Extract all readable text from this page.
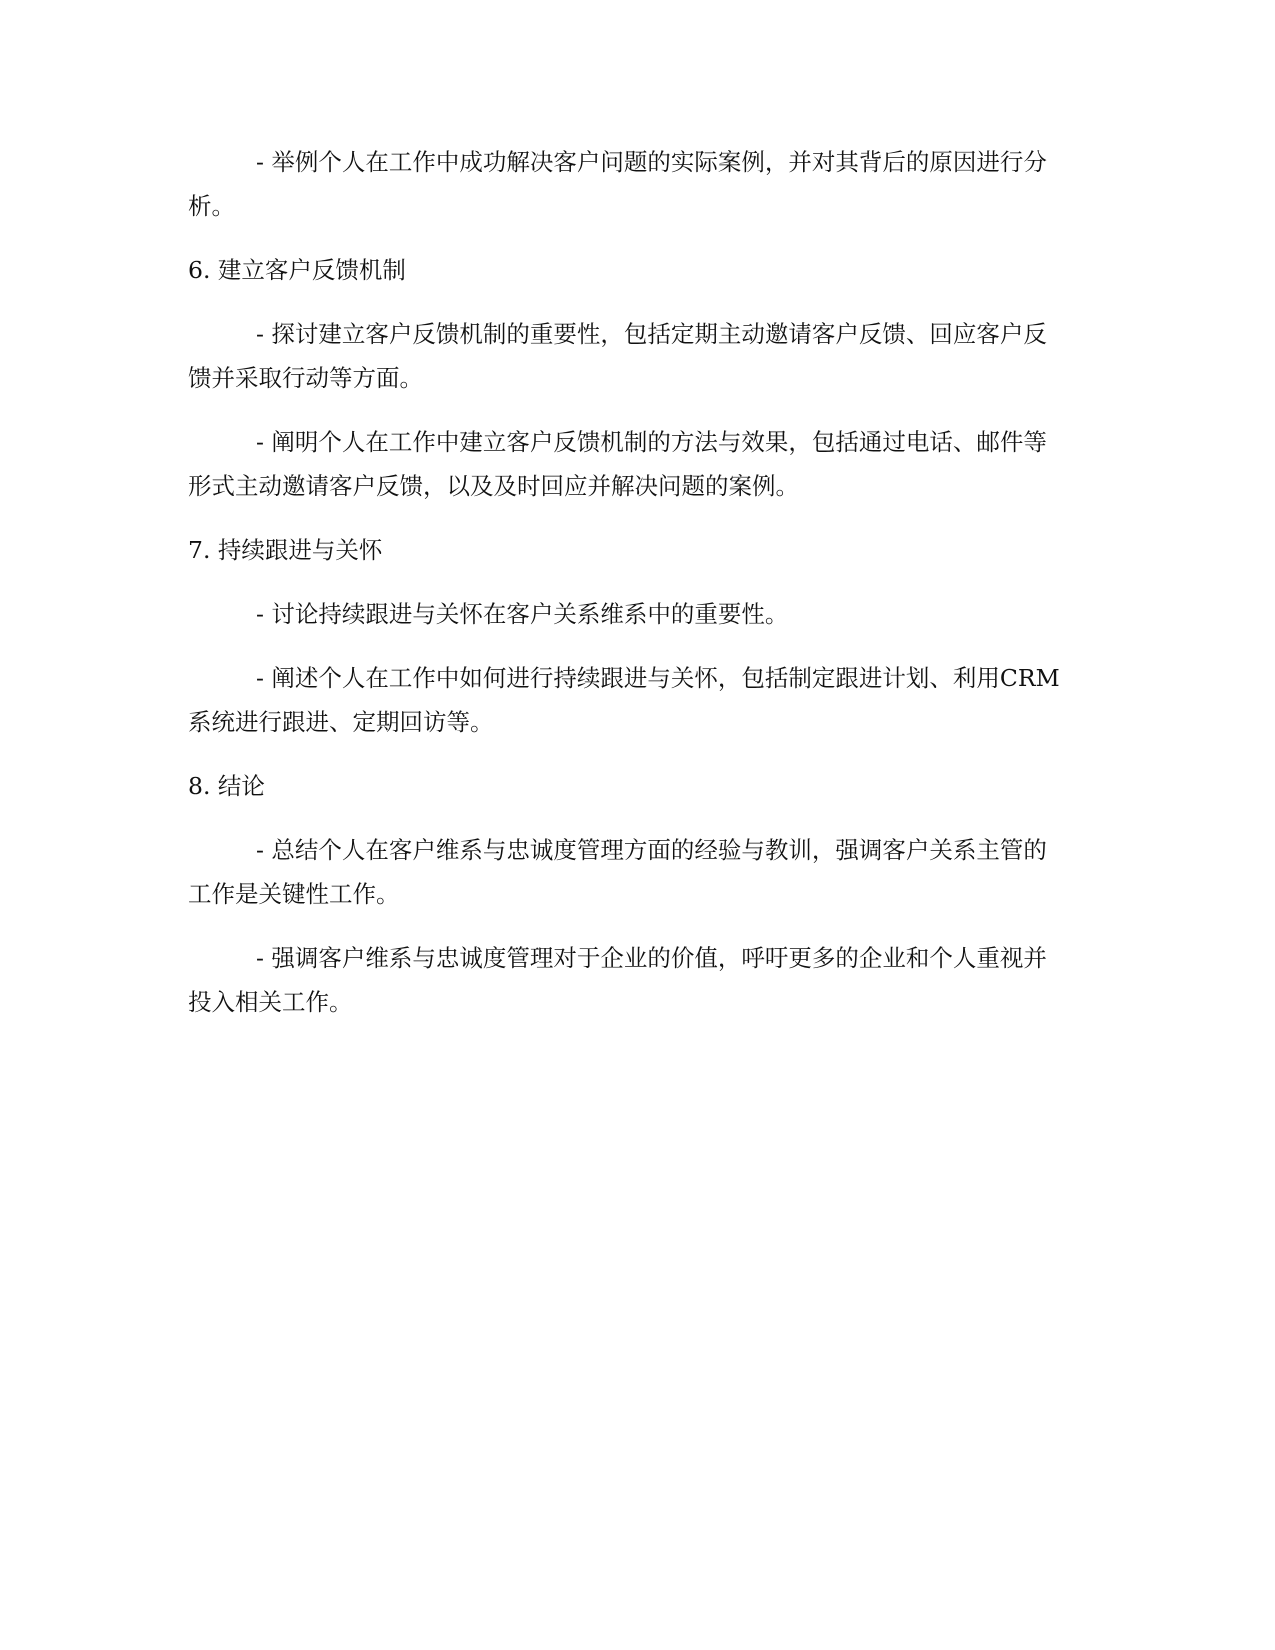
- 举例个人在工作中成功解决客户问题的实际案例，并对其背后的原因进行分析。

6. 建立客户反馈机制

- 探讨建立客户反馈机制的重要性，包括定期主动邀请客户反馈、回应客户反馈并采取行动等方面。

- 阐明个人在工作中建立客户反馈机制的方法与效果，包括通过电话、邮件等形式主动邀请客户反馈，以及及时回应并解决问题的案例。

7. 持续跟进与关怀

- 讨论持续跟进与关怀在客户关系维系中的重要性。

- 阐述个人在工作中如何进行持续跟进与关怀，包括制定跟进计划、利用CRM 系统进行跟进、定期回访等。

8. 结论

- 总结个人在客户维系与忠诚度管理方面的经验与教训，强调客户关系主管的工作是关键性工作。

- 强调客户维系与忠诚度管理对于企业的价值，呼吁更多的企业和个人重视并投入相关工作。
